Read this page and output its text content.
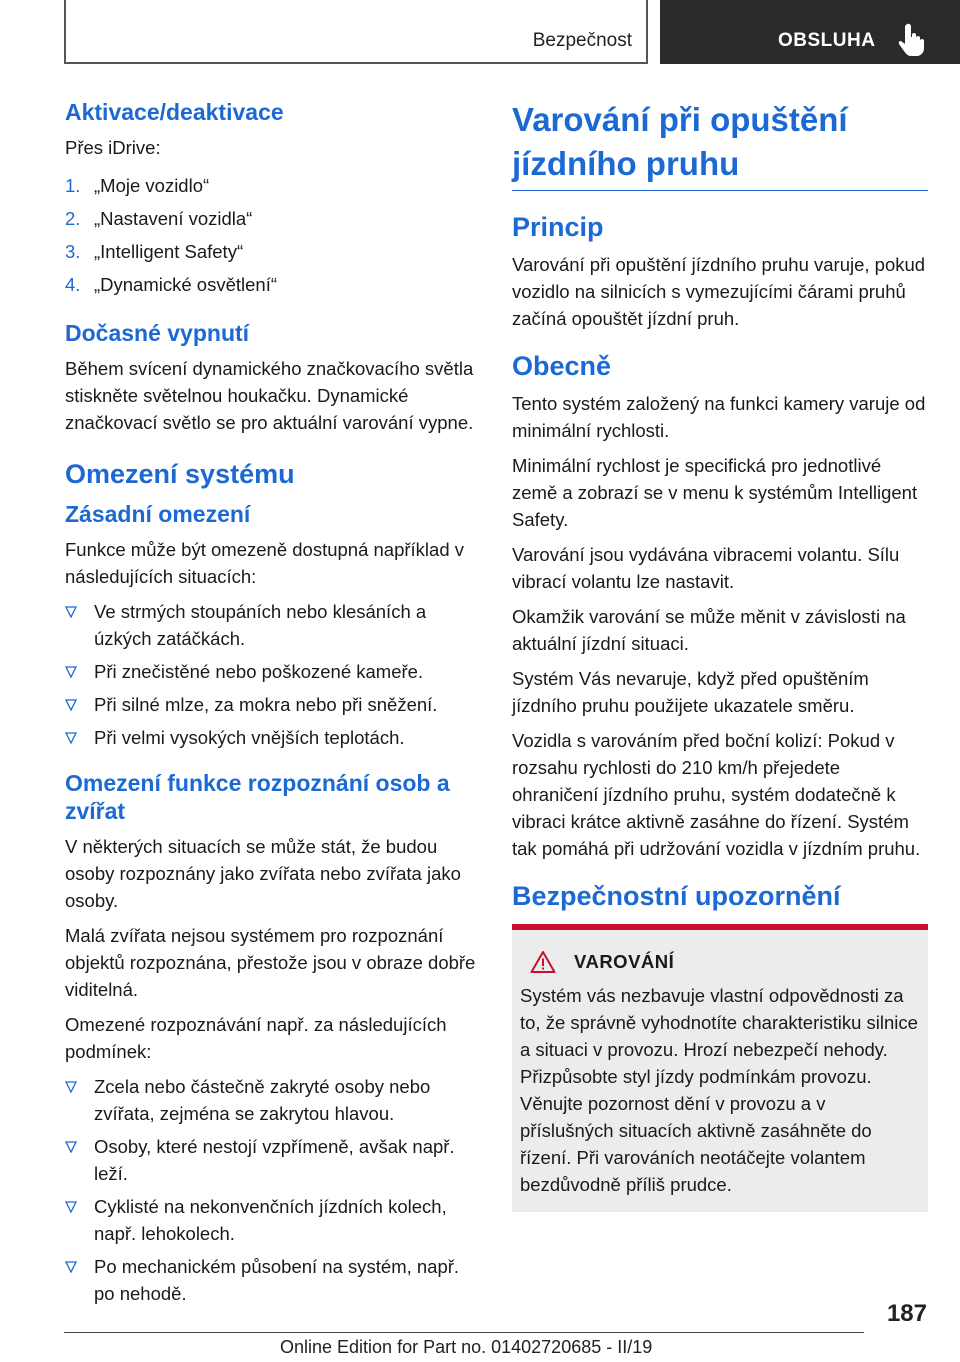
Bezpečnost	OBSLUHA
Aktivace/deaktivace

Přes iDrive:

1. „Moje vozidlo“
2. „Nastavení vozidla“
3. „Intelligent Safety“
4. „Dynamické osvětlení“
Dočasné vypnutí

Během svícení dynamického značkovacího světla stiskněte světelnou houkačku. Dynamické značkovací světlo se pro aktuální varování vypne.

Omezení systému
Zásadní omezení

Funkce může být omezeně dostupná například v následujících situacích:

Ve strmých stoupáních nebo klesáních a úzkých zatáčkách.
Při znečistěné nebo poškozené kameře.
Při silné mlze, za mokra nebo při sněžení.
Při velmi vysokých vnějších teplotách.
Omezení funkce rozpoznání osob a zvířat

V některých situacích se může stát, že budou osoby rozpoznány jako zvířata nebo zvířata jako osoby.

Malá zvířata nejsou systémem pro rozpoznání objektů rozpoznána, přestože jsou v obraze dobře viditelná.

Omezené rozpoznávání např. za následujících podmínek:

Zcela nebo částečně zakryté osoby nebo zvířata, zejména se zakrytou hlavou.
Osoby, které nestojí vzpřímeně, avšak např. leží.
Cyklisté na nekonvenčních jízdních kolech, např. lehokolech.
Po mechanickém působení na systém, např. po nehodě.
Varování při opuštění jízdního pruhu
Princip

Varování při opuštění jízdního pruhu varuje, pokud vozidlo na silnicích s vymezujícími čárami pruhů začíná opouštět jízdní pruh.

Obecně

Tento systém založený na funkci kamery varuje od minimální rychlosti.

Minimální rychlost je specifická pro jednotlivé země a zobrazí se v menu k systémům Intelligent Safety.

Varování jsou vydávána vibracemi volantu. Sílu vibrací volantu lze nastavit.

Okamžik varování se může měnit v závislosti na aktuální jízdní situaci.

Systém Vás nevaruje, když před opuštěním jízdního pruhu použijete ukazatele směru.

Vozidla s varováním před boční kolizí: Pokud v rozsahu rychlosti do 210 km/h přejedete ohraničení jízdního pruhu, systém dodatečně k vibraci krátce aktivně zasáhne do řízení. Systém tak pomáhá při udržování vozidla v jízdním pruhu.

Bezpečnostní upozornění
VAROVÁNÍ

Systém vás nezbavuje vlastní odpovědnosti za to, že správně vyhodnotíte charakteristiku silnice a situaci v provozu. Hrozí nebezpečí nehody. Přizpůsobte styl jízdy podmínkám provozu. Věnujte pozornost dění v provozu a v příslušných situacích aktivně zasáhněte do řízení. Při varováních neotáčejte volantem bezdůvodně příliš prudce.

187
Online Edition for Part no. 01402720685 - II/19
